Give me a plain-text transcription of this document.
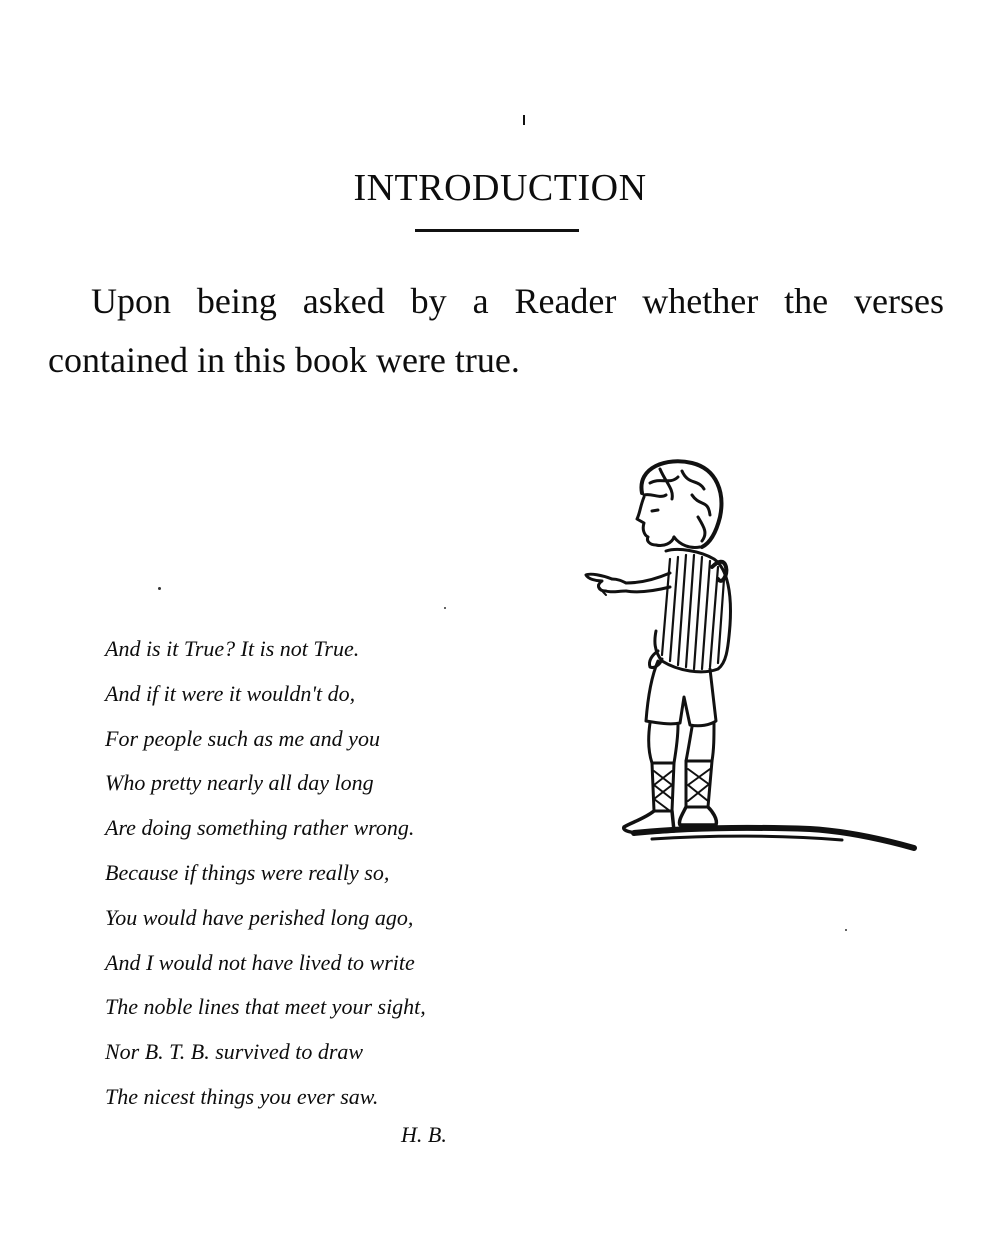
INTRODUCTION

Upon being asked by a Reader whether the verses contained in this book were true.

And is it True? It is not True.
And if it were it wouldn't do,
For people such as me and you
Who pretty nearly all day long
Are doing something rather wrong.
Because if things were really so,
You would have perished long ago,
And I would not have lived to write
The noble lines that meet your sight,
Nor B. T. B. survived to draw
The nicest things you ever saw.

H. B.
